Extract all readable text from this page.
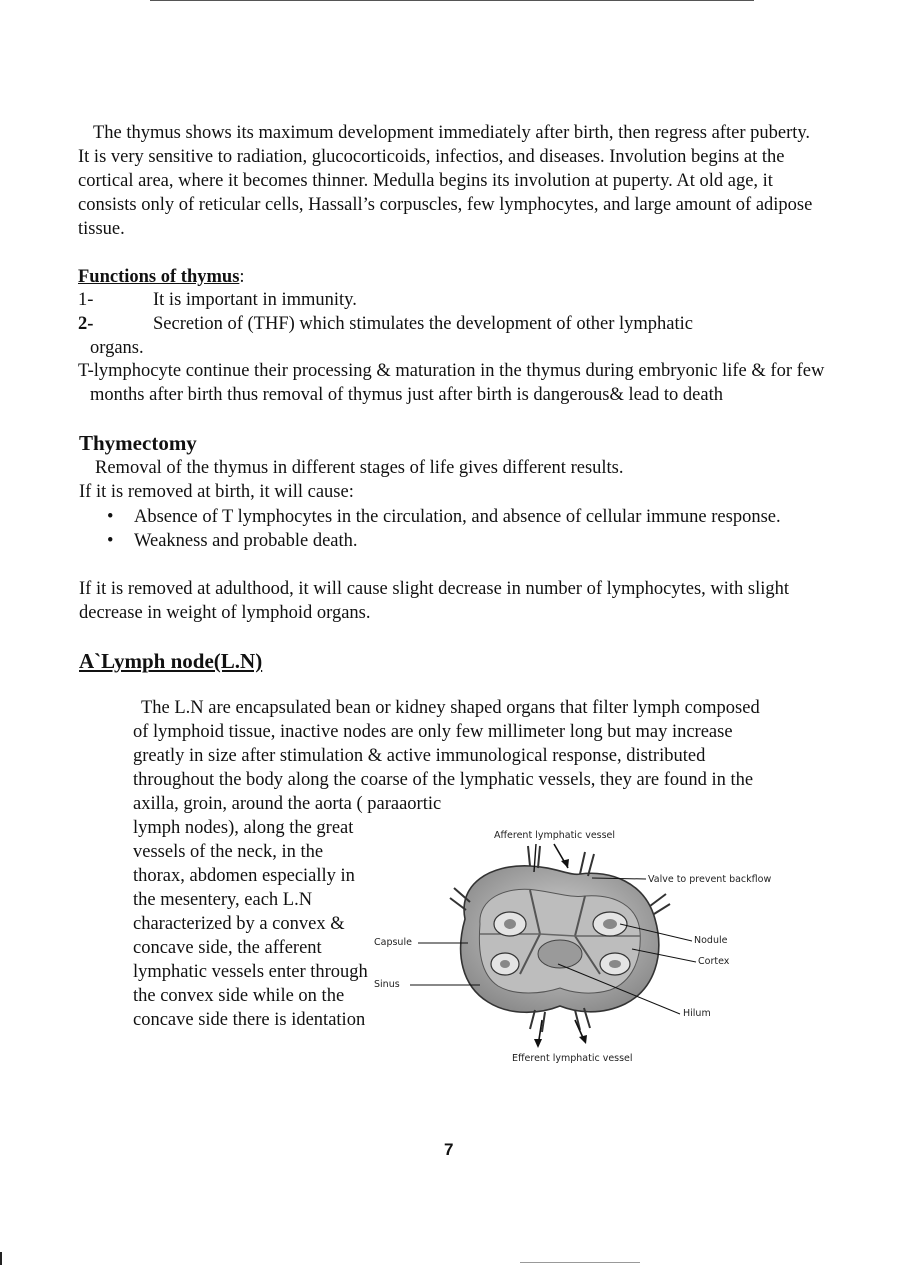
The thymus shows its maximum development immediately after birth, then regress after puberty. It is very sensitive to radiation, glucocorticoids, infectios, and diseases. Involution begins at the cortical area, where it becomes thinner. Medulla begins its involution at puperty. At old age, it consists only of reticular cells, Hassall’s corpuscles, few lymphocytes, and large amount of adipose tissue.

Functions of thymus:
1-	It is important in immunity.
2-	Secretion of (THF) which stimulates the development of other lymphatic
organs.

T-lymphocyte continue their processing & maturation in the thymus during embryonic life & for few months after birth thus removal of thymus just after birth is dangerous& lead to death

Thymectomy
Removal of the thymus in different stages of life gives different results.
If it is removed at birth, it will cause:
• Absence of T lymphocytes in the circulation, and absence of cellular immune response.
• Weakness and probable death.

If it is removed at adulthood, it will cause slight decrease in number of lymphocytes, with slight decrease in weight of lymphoid organs.

A`Lymph node(L.N)

The L.N are encapsulated bean or kidney shaped organs that filter lymph composed of lymphoid tissue, inactive nodes are only few millimeter long but may increase greatly in size after stimulation & active immunological response, distributed throughout the body along the coarse of the lymphatic vessels, they are found in the axilla, groin, around the aorta ( paraaortic

lymph nodes), along the great vessels of the neck, in the thorax, abdomen especially in the mesentery, each L.N characterized by a convex & concave side, the afferent lymphatic vessels enter through the convex side while on the concave side there is identation

Afferent lymphatic vessel
Valve to prevent backflow
Capsule	Nodule
Cortex
Sinus
Hilum
Efferent lymphatic vessel
7
